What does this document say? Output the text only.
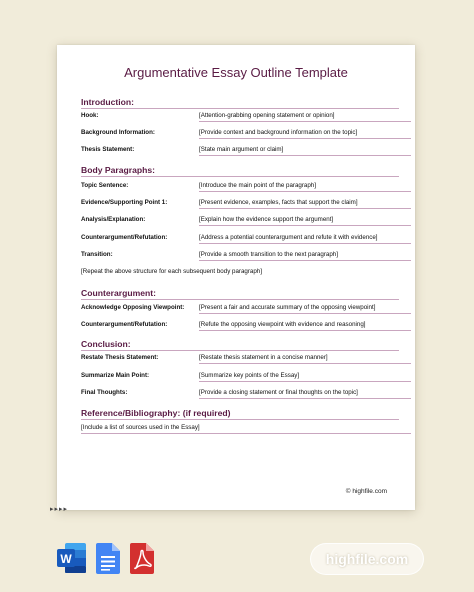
Argumentative Essay Outline Template
Introduction:
Hook:	[Attention-grabbing opening statement or opinion]
Background Information:	[Provide context and background information on the topic]
Thesis Statement:	[State main argument or claim]
Body Paragraphs:
Topic Sentence:	[Introduce the main point of the paragraph]
Evidence/Supporting Point 1:	[Present evidence, examples, facts that support the claim]
Analysis/Explanation:	[Explain how the evidence support the argument]
Counterargument/Refutation:	[Address a potential counterargument and refute it with evidence]
Transition:	[Provide a smooth transition to the next paragraph]
[Repeat the above structure for each subsequent body paragraph]
Counterargument:
Acknowledge Opposing Viewpoint: [Present a fair and accurate summary of the opposing viewpoint]
Counterargument/Refutation:	[Refute the opposing viewpoint with evidence and reasoning]
Conclusion:
Restate Thesis Statement:	[Restate thesis statement in a concise manner]
Summarize Main Point:	[Summarize key points of the Essay]
Final Thoughts:	[Provide a closing statement or final thoughts on the topic]
Reference/Bibliography: (if required)
[Include a list of sources used in the Essay]
© highfile.com
▸▸▸▸
W	highfile.com
